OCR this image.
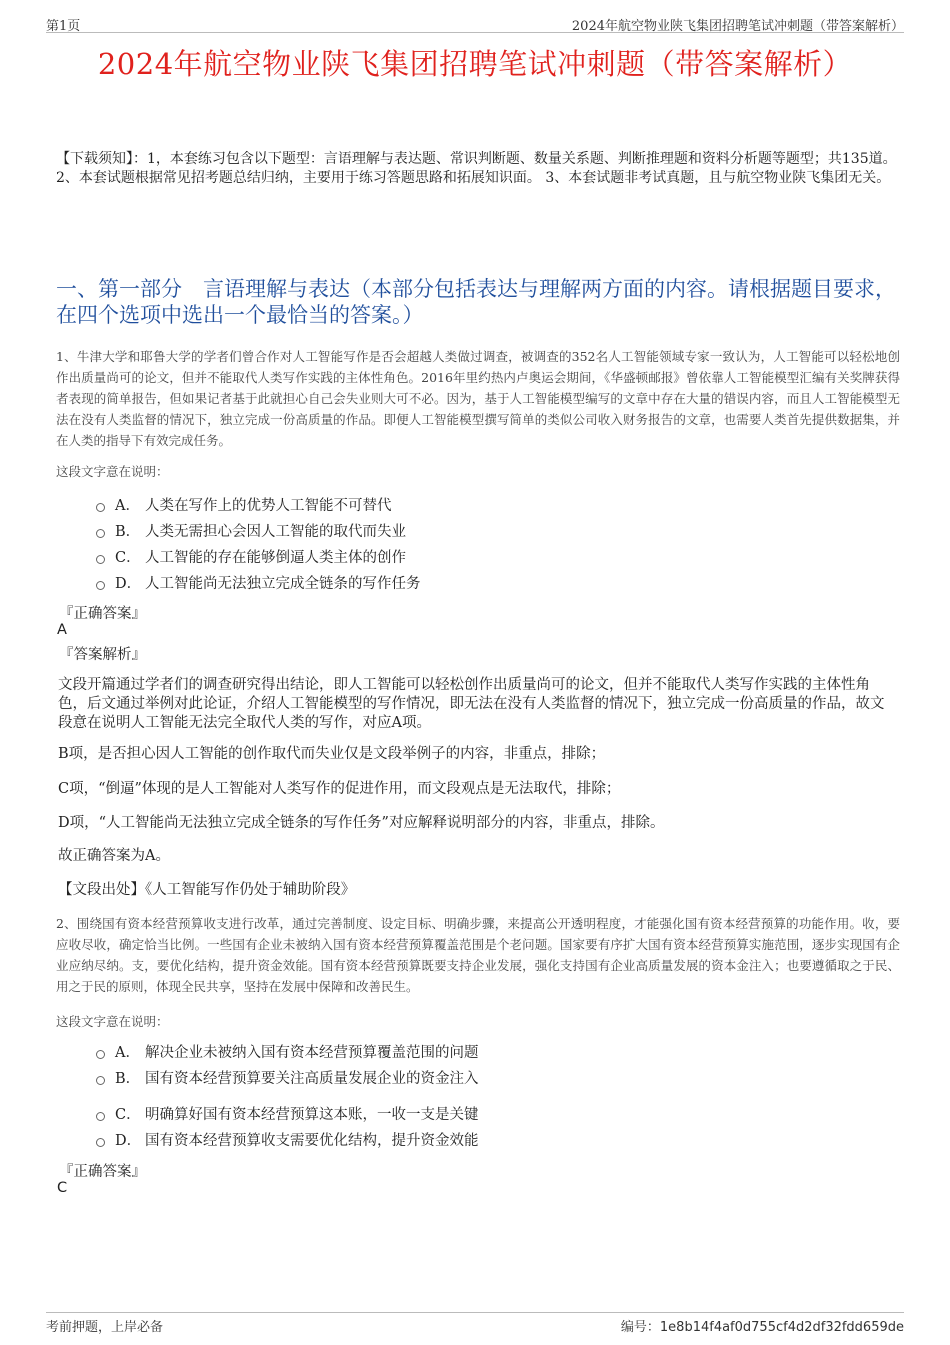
第1页	2024年航空物业陕飞集团招聘笔试冲刺题（带答案解析）
2024年航空物业陕飞集团招聘笔试冲刺题（带答案解析）
【下载须知】：1，本套练习包含以下题型：言语理解与表达题、常识判断题、数量关系题、判断推理题和资料分析题等题型；共135道。 2、本套试题根据常见招考题总结归纳，主要用于练习答题思路和拓展知识面。 3、本套试题非考试真题，且与航空物业陕飞集团无关。
一、第一部分　言语理解与表达（本部分包括表达与理解两方面的内容。请根据题目要求，在四个选项中选出一个最恰当的答案。）
1、牛津大学和耶鲁大学的学者们曾合作对人工智能写作是否会超越人类做过调查，被调查的352名人工智能领域专家一致认为，人工智能可以轻松地创作出质量尚可的论文，但并不能取代人类写作实践的主体性角色。2016年里约热内卢奥运会期间，《华盛顿邮报》曾依靠人工智能模型汇编有关奖牌获得者表现的简单报告，但如果记者基于此就担心自己会失业则大可不必。因为，基于人工智能模型编写的文章中存在大量的错误内容，而且人工智能模型无法在没有人类监督的情况下，独立完成一份高质量的作品。即便人工智能模型撰写简单的类似公司收入财务报告的文章，也需要人类首先提供数据集，并在人类的指导下有效完成任务。
这段文字意在说明：
A． 人类在写作上的优势人工智能不可替代
B． 人类无需担心会因人工智能的取代而失业
C． 人工智能的存在能够倒逼人类主体的创作
D． 人工智能尚无法独立完成全链条的写作任务
『正确答案』
A
『答案解析』
文段开篇通过学者们的调查研究得出结论，即人工智能可以轻松创作出质量尚可的论文，但并不能取代人类写作实践的主体性角色，后文通过举例对此论证，介绍人工智能模型的写作情况，即无法在没有人类监督的情况下，独立完成一份高质量的作品，故文段意在说明人工智能无法完全取代人类的写作，对应A项。
B项，是否担心因人工智能的创作取代而失业仅是文段举例子的内容，非重点，排除；
C项，“倒逼”体现的是人工智能对人类写作的促进作用，而文段观点是无法取代，排除；
D项，“人工智能尚无法独立完成全链条的写作任务”对应解释说明部分的内容，非重点，排除。
故正确答案为A。
【文段出处】《人工智能写作仍处于辅助阶段》
2、围绕国有资本经营预算收支进行改革，通过完善制度、设定目标、明确步骤，来提高公开透明程度，才能强化国有资本经营预算的功能作用。收，要应收尽收，确定恰当比例。一些国有企业未被纳入国有资本经营预算覆盖范围是个老问题。国家要有序扩大国有资本经营预算实施范围，逐步实现国有企业应纳尽纳。支，要优化结构，提升资金效能。国有资本经营预算既要支持企业发展，强化支持国有企业高质量发展的资本金注入；也要遵循取之于民、用之于民的原则，体现全民共享，坚持在发展中保障和改善民生。
这段文字意在说明：
A． 解决企业未被纳入国有资本经营预算覆盖范围的问题
B． 国有资本经营预算要关注高质量发展企业的资金注入
C． 明确算好国有资本经营预算这本账，一收一支是关键
D． 国有资本经营预算收支需要优化结构，提升资金效能
『正确答案』
C
考前押题，上岸必备	编号：1e8b14f4af0d755cf4d2df32fdd659de
